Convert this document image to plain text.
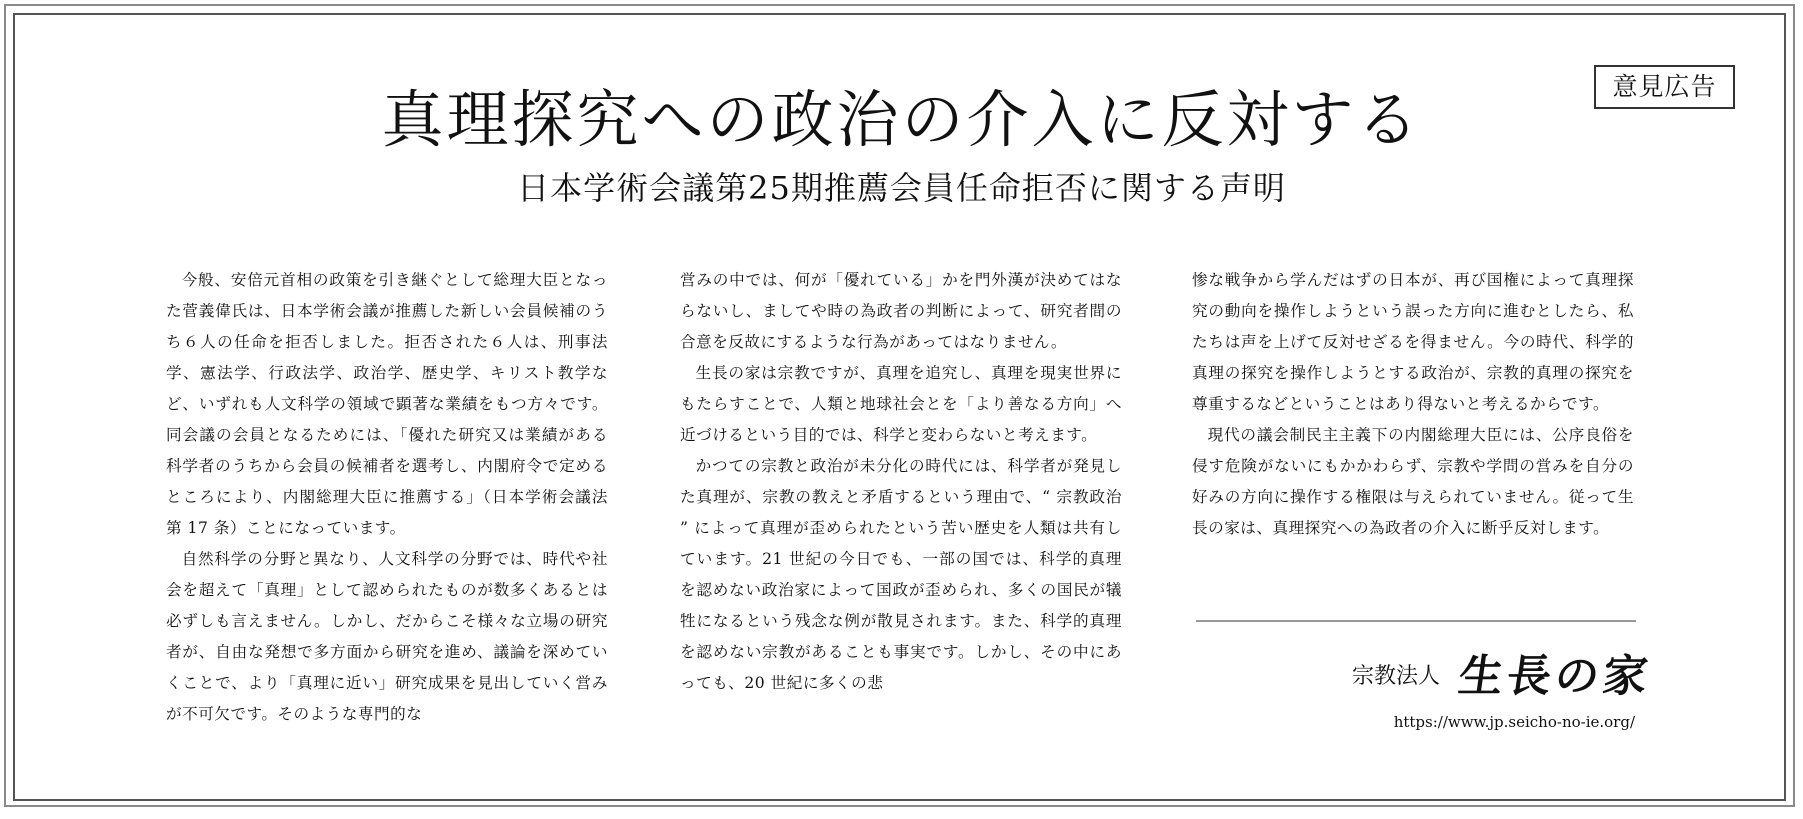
意見広告
真理探究への政治の介入に反対する
日本学術会議第25期推薦会員任命拒否に関する声明

今般、安倍元首相の政策を引き継ぐとして総理大臣となった菅義偉氏は、日本学術会議が推薦した新しい会員候補のうち６人の任命を拒否しました。拒否された６人は、刑事法学、憲法学、行政法学、政治学、歴史学、キリスト教学など、いずれも人文科学の領域で顕著な業績をもつ方々です。同会議の会員となるためには、「優れた研究又は業績がある科学者のうちから会員の候補者を選考し、内閣府令で定めるところにより、内閣総理大臣に推薦する」（日本学術会議法第 17 条）ことになっています。

自然科学の分野と異なり、人文科学の分野では、時代や社会を超えて「真理」として認められたものが数多くあるとは必ずしも言えません。しかし、だからこそ様々な立場の研究者が、自由な発想で多方面から研究を進め、議論を深めていくことで、より「真理に近い」研究成果を見出していく営みが不可欠です。そのような専門的な

営みの中では、何が「優れている」かを門外漢が決めてはならないし、ましてや時の為政者の判断によって、研究者間の合意を反故にするような行為があってはなりません。

生長の家は宗教ですが、真理を追究し、真理を現実世界にもたらすことで、人類と地球社会とを「より善なる方向」へ近づけるという目的では、科学と変わらないと考えます。

かつての宗教と政治が未分化の時代には、科学者が発見した真理が、宗教の教えと矛盾するという理由で、“ 宗教政治 ” によって真理が歪められたという苦い歴史を人類は共有しています。21 世紀の今日でも、一部の国では、科学的真理を認めない政治家によって国政が歪められ、多くの国民が犠牲になるという残念な例が散見されます。また、科学的真理を認めない宗教があることも事実です。しかし、その中にあっても、20 世紀に多くの悲

惨な戦争から学んだはずの日本が、再び国権によって真理探究の動向を操作しようという誤った方向に進むとしたら、私たちは声を上げて反対せざるを得ません。今の時代、科学的真理の探究を操作しようとする政治が、宗教的真理の探究を尊重するなどということはあり得ないと考えるからです。

現代の議会制民主主義下の内閣総理大臣には、公序良俗を侵す危険がないにもかかわらず、宗教や学問の営みを自分の好みの方向に操作する権限は与えられていません。従って生長の家は、真理探究への為政者の介入に断乎反対します。

宗教法人 生長の家
https://www.jp.seicho-no-ie.org/
